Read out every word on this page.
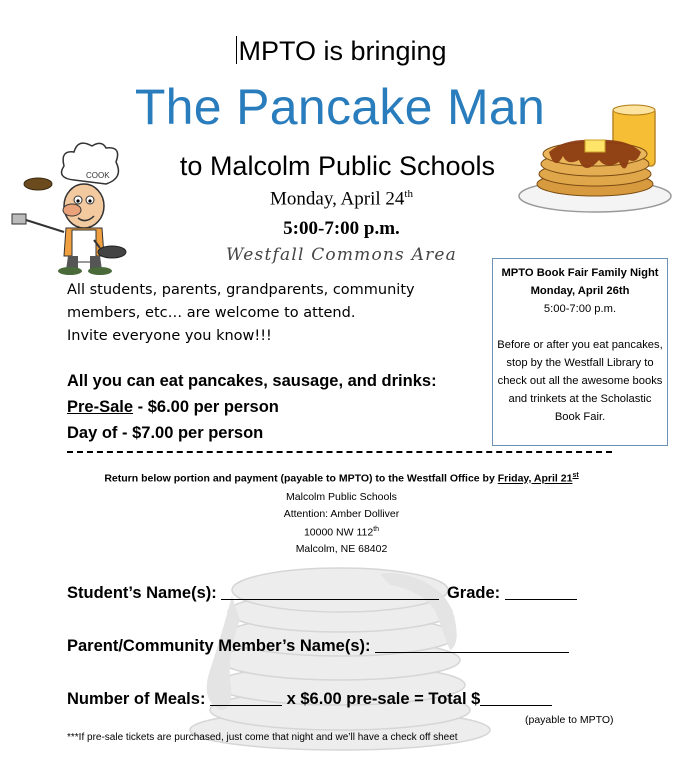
COOK
MPTO is bringing
The Pancake Man
to Malcolm Public Schools
Monday, April 24th
5:00-7:00 p.m.
Westfall Commons Area
All students, parents, grandparents, community
members, etc… are welcome to attend.
Invite everyone you know!!!
All you can eat pancakes, sausage, and drinks:
Pre-Sale - $6.00 per person
Day of - $7.00 per person
MPTO Book Fair Family Night
Monday, April 26th
5:00-7:00 p.m.
Before or after you eat pancakes, stop by the Westfall Library to check out all the awesome books and trinkets at the Scholastic Book Fair.
Return below portion and payment (payable to MPTO) to the Westfall Office by Friday, April 21st
Malcolm Public Schools
Attention: Amber Dolliver
10000 NW 112th
Malcolm, NE 68402
Student’s Name(s):	Grade:
Parent/Community Member’s Name(s):
Number of Meals:	x $6.00 pre-sale = Total $
(payable to MPTO)
***If pre-sale tickets are purchased, just come that night and we’ll have a check off sheet
